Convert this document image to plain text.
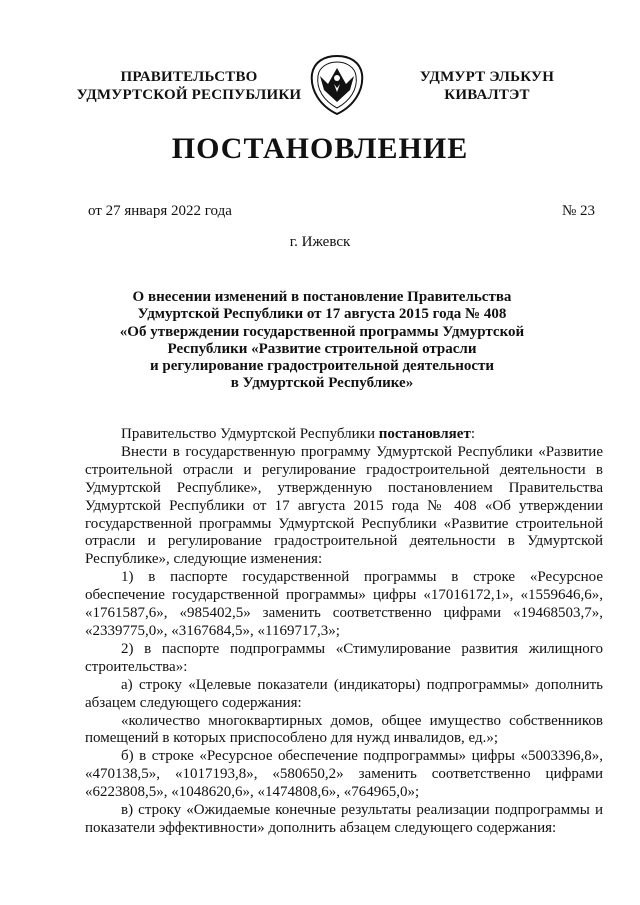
ПРАВИТЕЛЬСТВО
УДМУРТСКОЙ РЕСПУБЛИКИ
УДМУРТ ЭЛЬКУН
КИВАЛТЭТ
ПОСТАНОВЛЕНИЕ
от 27 января 2022 года	№ 23
г. Ижевск
О внесении изменений в постановление Правительства
Удмуртской Республики от 17 августа 2015 года № 408
«Об утверждении государственной программы Удмуртской
Республики «Развитие строительной отрасли
и регулирование градостроительной деятельности
в Удмуртской Республике»

Правительство Удмуртской Республики постановляет:

Внести в государственную программу Удмуртской Республики «Развитие строительной отрасли и регулирование градостроительной деятельности в Удмуртской Республике», утвержденную постановлением Правительства Удмуртской Республики от 17 августа 2015 года № 408 «Об утверждении государственной программы Удмуртской Республики «Развитие строительной отрасли и регулирование градостроительной деятельности в Удмуртской Республике», следующие изменения:

1) в паспорте государственной программы в строке «Ресурсное обеспечение государственной программы» цифры «17016172,1», «1559646,6», «1761587,6», «985402,5» заменить соответственно цифрами «19468503,7», «2339775,0», «3167684,5», «1169717,3»;

2) в паспорте подпрограммы «Стимулирование развития жилищного строительства»:

а) строку «Целевые показатели (индикаторы) подпрограммы» дополнить абзацем следующего содержания:

«количество многоквартирных домов, общее имущество собственников помещений в которых приспособлено для нужд инвалидов, ед.»;

б) в строке «Ресурсное обеспечение подпрограммы» цифры «5003396,8», «470138,5», «1017193,8», «580650,2» заменить соответственно цифрами «6223808,5», «1048620,6», «1474808,6», «764965,0»;

в) строку «Ожидаемые конечные результаты реализации подпрограммы и показатели эффективности» дополнить абзацем следующего содержания:
